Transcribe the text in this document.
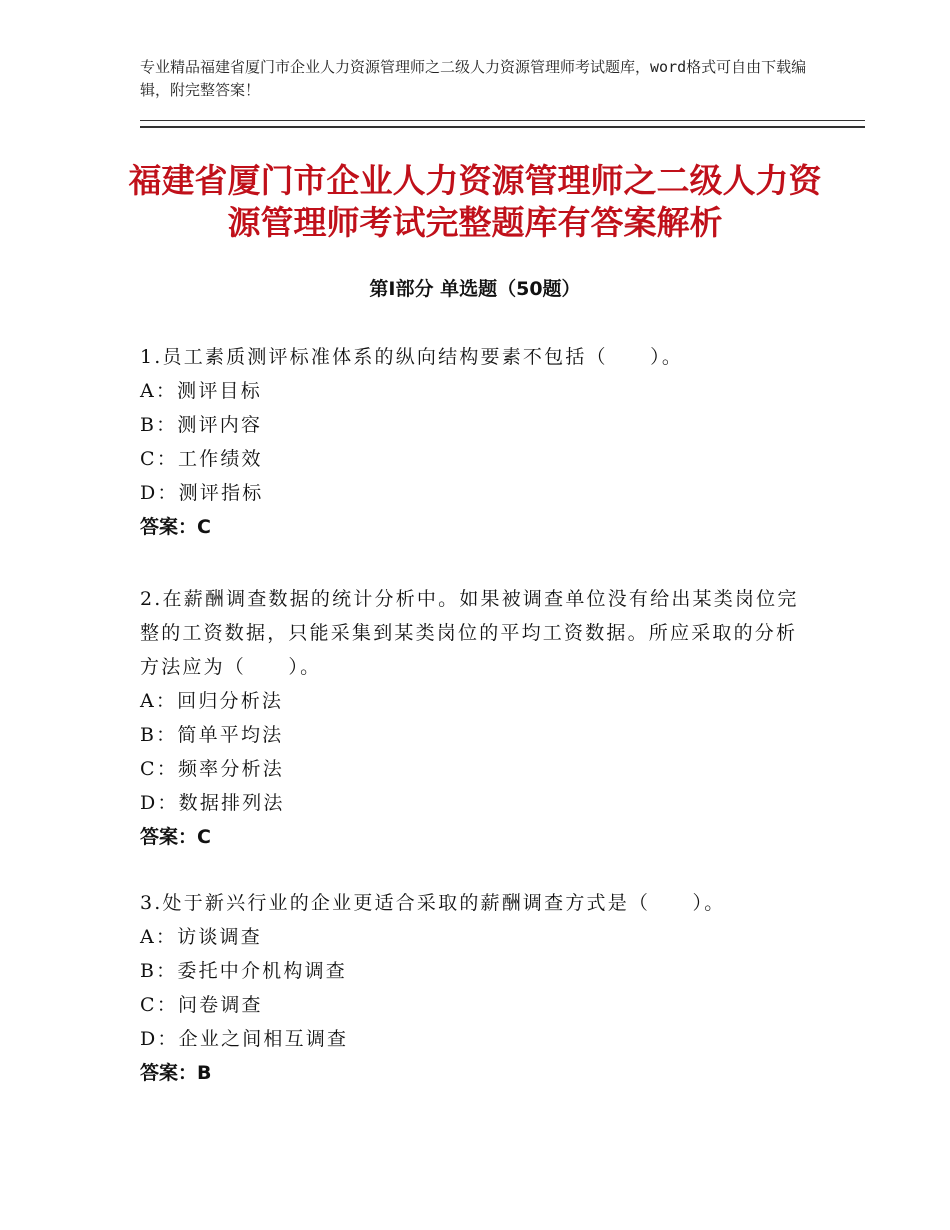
专业精品福建省厦门市企业人力资源管理师之二级人力资源管理师考试题库，word格式可自由下载编辑，附完整答案！
福建省厦门市企业人力资源管理师之二级人力资源管理师考试完整题库有答案解析
第Ⅰ部分 单选题（50题）

1.员工素质测评标准体系的纵向结构要素不包括（　　）。

A：测评目标

B：测评内容

C：工作绩效

D：测评指标

答案：C

2.在薪酬调查数据的统计分析中。如果被调查单位没有给出某类岗位完整的工资数据，只能采集到某类岗位的平均工资数据。所应采取的分析方法应为（　　）。

A：回归分析法

B：简单平均法

C：频率分析法

D：数据排列法

答案：C

3.处于新兴行业的企业更适合采取的薪酬调查方式是（　　）。

A：访谈调查

B：委托中介机构调查

C：问卷调查

D：企业之间相互调查

答案：B
